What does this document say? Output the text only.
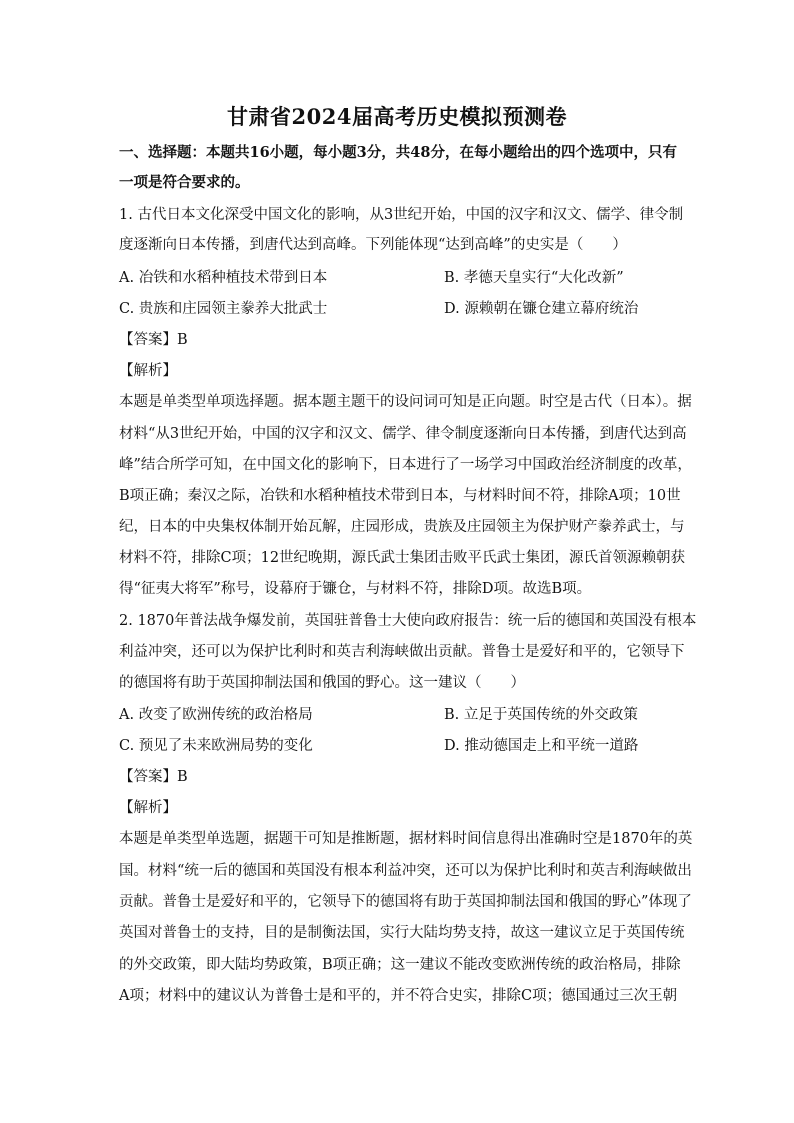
甘肃省2024届高考历史模拟预测卷
一、选择题：本题共16小题，每小题3分，共48分，在每小题给出的四个选项中，只有
一项是符合要求的。
1. 古代日本文化深受中国文化的影响，从3世纪开始，中国的汉字和汉文、儒学、律令制
度逐渐向日本传播，到唐代达到高峰。下列能体现“达到高峰”的史实是（　　）
A. 冶铁和水稻种植技术带到日本	B. 孝德天皇实行“大化改新”
C. 贵族和庄园领主豢养大批武士	D. 源赖朝在镰仓建立幕府统治
【答案】B
【解析】
本题是单类型单项选择题。据本题主题干的设问词可知是正向题。时空是古代（日本）。据
材料“从3世纪开始，中国的汉字和汉文、儒学、律令制度逐渐向日本传播，到唐代达到高
峰”结合所学可知，在中国文化的影响下，日本进行了一场学习中国政治经济制度的改革，
B项正确；秦汉之际，冶铁和水稻种植技术带到日本，与材料时间不符，排除A项；10世
纪，日本的中央集权体制开始瓦解，庄园形成，贵族及庄园领主为保护财产豢养武士，与
材料不符，排除C项；12世纪晚期，源氏武士集团击败平氏武士集团，源氏首领源赖朝获
得“征夷大将军”称号，设幕府于镰仓，与材料不符，排除D项。故选B项。
2. 1870年普法战争爆发前，英国驻普鲁士大使向政府报告：统一后的德国和英国没有根本
利益冲突，还可以为保护比利时和英吉利海峡做出贡献。普鲁士是爱好和平的，它领导下
的德国将有助于英国抑制法国和俄国的野心。这一建议（　　）
A. 改变了欧洲传统的政治格局	B. 立足于英国传统的外交政策
C. 预见了未来欧洲局势的变化	D. 推动德国走上和平统一道路
【答案】B
【解析】
本题是单类型单选题，据题干可知是推断题，据材料时间信息得出准确时空是1870年的英
国。材料“统一后的德国和英国没有根本利益冲突，还可以为保护比利时和英吉利海峡做出
贡献。普鲁士是爱好和平的，它领导下的德国将有助于英国抑制法国和俄国的野心”体现了
英国对普鲁士的支持，目的是制衡法国，实行大陆均势支持，故这一建议立足于英国传统
的外交政策，即大陆均势政策，B项正确；这一建议不能改变欧洲传统的政治格局，排除
A项；材料中的建议认为普鲁士是和平的，并不符合史实，排除C项；德国通过三次王朝
